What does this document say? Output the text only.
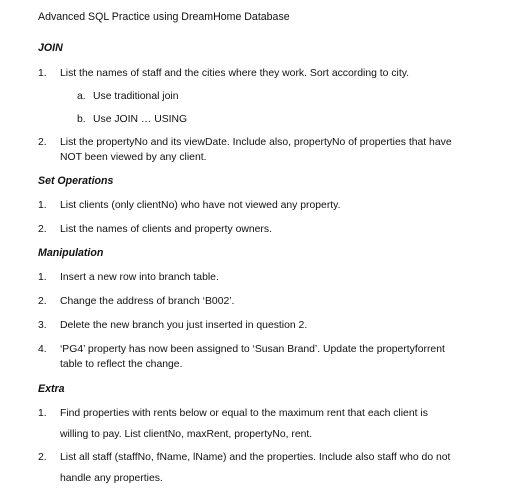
Advanced SQL Practice using DreamHome Database
JOIN
1. List the names of staff and the cities where they work. Sort according to city.
a. Use traditional join
b. Use JOIN … USING
2. List the propertyNo and its viewDate. Include also, propertyNo of properties that have
NOT been viewed by any client.
Set Operations
1. List clients (only clientNo) who have not viewed any property.
2. List the names of clients and property owners.
Manipulation
1. Insert a new row into branch table.
2. Change the address of branch ‘B002’.
3. Delete the new branch you just inserted in question 2.
4. ‘PG4’ property has now been assigned to ‘Susan Brand’. Update the propertyforrent
table to reflect the change.
Extra
1. Find properties with rents below or equal to the maximum rent that each client is
willing to pay. List clientNo, maxRent, propertyNo, rent.
2. List all staff (staffNo, fName, lName) and the properties. Include also staff who do not
handle any properties.
